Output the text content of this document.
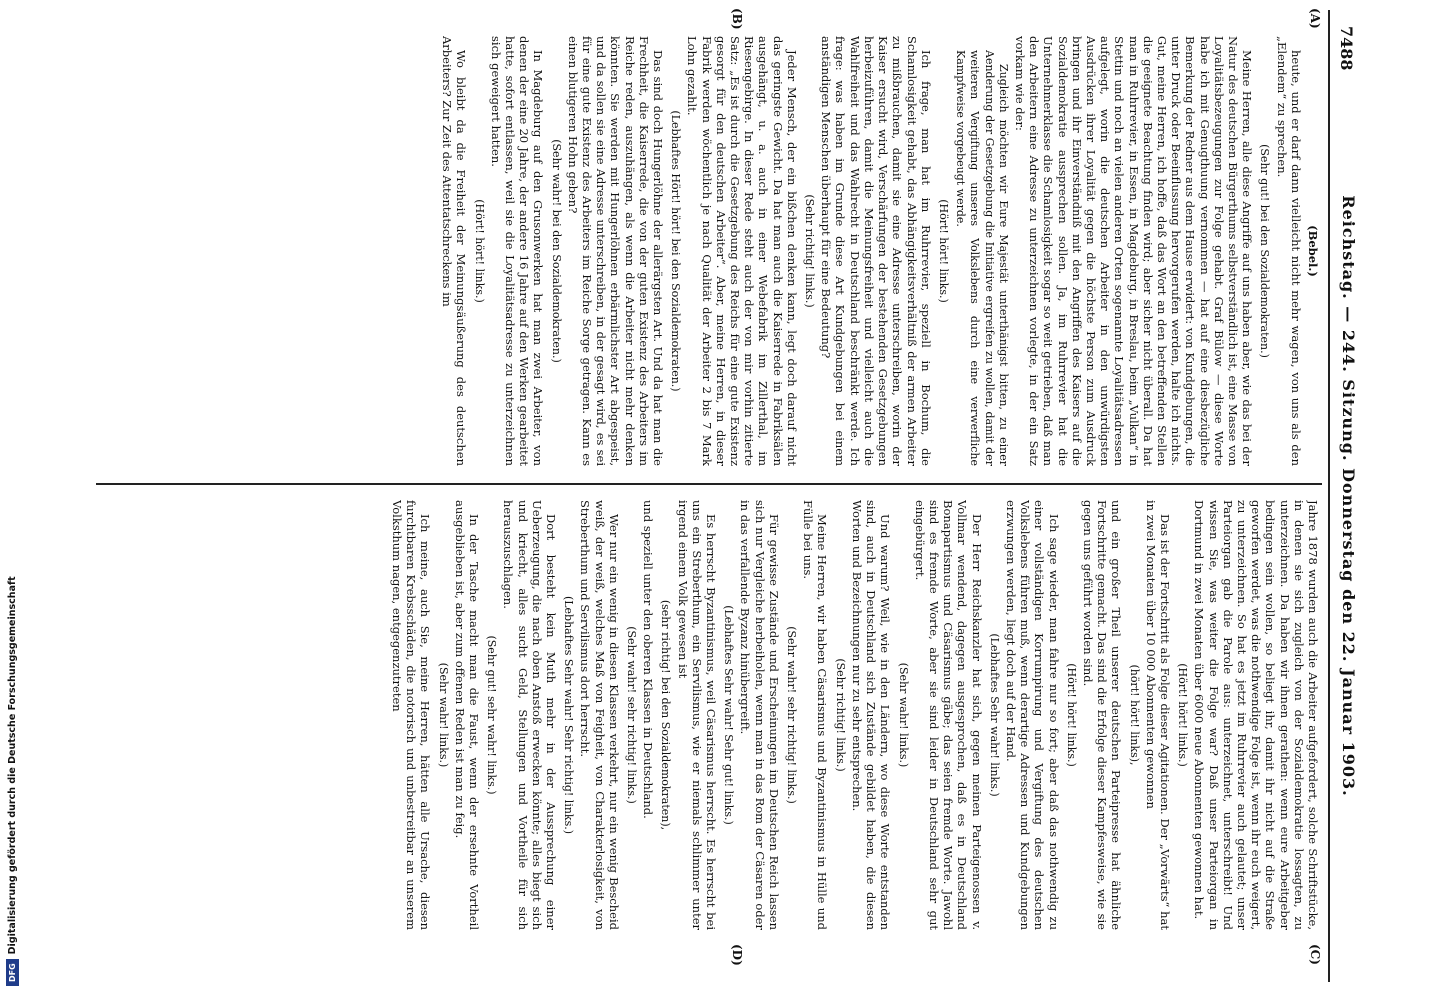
7488
Reichstag. — 244. Sitzung. Donnerstag den 22. Januar 1903.
(A)
(B)
(C)
(D)

(Bebel.)

heute, und er darf dann vielleicht nicht mehr wagen, von uns als den „Elendem“ zu sprechen.

(Sehr gut! bei den Sozialdemokraten.)

Meine Herren, alle diese Angriffe auf uns haben aber, wie das bei der Natur des deutschen Bürgerthums selbstverständlich ist, eine Masse von Loyalitätsbezeugungen zur Folge gehabt. Graf Bülow — diese Worte habe ich mit Genugthuung vernommen — hat auf eine diesbezügliche Bemerkung der Redner aus dem Hause erwidert: von Kundgebungen, die unter Druck oder Beeinflussung hervorgerufen werden, halte ich nichts. Gut, meine Herren, ich hoffe, daß das Wort an den betreffenden Stellen die geeignete Beachtung finden wird; aber sicher nicht überall. Da hat man in Ruhrrevier, in Essen, in Magdeburg, in Breslau, beim „Vulkan“ in Stettin und noch an vielen anderen Orten sogenannte Loyalitätsadressen aufgelegt, worin die deutschen Arbeiter in den unwürdigsten Ausdrücken ihrer Loyalität gegen die höchste Person zum Ausdruck bringen und ihr Einverständniß mit den Angriffen des Kaisers auf die Sozialdemokratie aussprechen sollen. Ja, im Ruhrrevier hat die Unternehmerklasse die Schamlosigkeit sogar so weit getrieben, daß man den Arbeitern eine Adresse zu unterzeichnen vorlegte, in der ein Satz vorkam wie der:

Zugleich möchten wir Eure Majestät unterthänigst bitten, zu einer Aenderung der Gesetzgebung die Initiative ergreifen zu wollen, damit der weiteren Vergiftung unseres Volkslebens durch eine verwerfliche Kampfweise vorgebeugt werde.

(Hört! hört! links.)

Ich frage, man hat im Ruhrrevier, speziell in Bochum, die Schamlosigkeit gehabt, das Abhängigkeitsverhältniß der armen Arbeiter zu mißbrauchen, damit sie eine Adresse unterschreiben, worin der Kaiser ersucht wird, Verschärfungen der bestehenden Gesetzgebungen herbeizuführen, damit die Meinungsfreiheit und vielleicht auch die Wahlfreiheit und das Wahlrecht in Deutschland beschränkt werde. Ich frage: was haben im Grunde diese Art Kundgebungen bei einem anständigen Menschen überhaupt für eine Bedeutung?

(Sehr richtig! links.)

Jeder Mensch, der ein bißchen denken kann, legt doch darauf nicht das geringste Gewicht. Da hat man auch die Kaiserrede in Fabriksälen ausgehängt, u. a. auch in einer Webefabrik im Zillerthal, im Riesengebirge. In dieser Rede steht auch der von mir vorhin zitierte Satz: „Es ist durch die Gesetzgebung des Reichs für eine gute Existenz gesorgt für den deutschen Arbeiter“. Aber, meine Herren, in dieser Fabrik werden wöchentlich je nach Qualität der Arbeiter 2 bis 7 Mark Lohn gezahlt.

(Lebhaftes Hört! hört! bei den Sozialdemokraten.)

Das sind doch Hungerlöhne der allerärgsten Art. Und da hat man die Frechheit, die Kaiserrede, die von der guten Existenz des Arbeiters im Reiche reden, auszuhängen, als wenn die Arbeiter nicht mehr denken könnten. Sie werden mit Hungerlöhnen erbärmlichster Art abgespeist, und da sollen sie eine Adresse unterschreiben, in der gesagt wird, es sei für eine gute Existenz des Arbeiters im Reiche Sorge getragen. Kann es einen blutigeren Hohn geben?

(Sehr wahr! bei den Sozialdemokraten.)

In Magdeburg auf den Grusonwerken hat man zwei Arbeiter, von denen der eine 20 Jahre, der andere 16 Jahre auf den Werken gearbeitet hatte, sofort entlassen, weil sie die Loyalitätsadresse zu unterzeichnen sich geweigert hatten.

(Hört! hört! links.)

Wo bleibt da die Freiheit der Meinungsäußerung des deutschen Arbeiters? Zur Zeit des Attentatschreckens im

Jahre 1878 wurden auch die Arbeiter aufgefordert, solche Schriftstücke, in denen sie sich zugleich von der Sozialdemokratie lossagten, zu unterzeichnen. Da haben wir ihnen gerathen: wenn eure Arbeitgeber bedingen sein wollen, so beliegt ihr, damit ihr nicht auf die Straße geworfen werdet, was die nothwendige Folge ist, wenn ihr euch weigert, zu unterzeichnen. So hat es jetzt im Ruhrrevier auch gelautet; unser Parteiorgan gab die Parole aus: unterzeichnet, unterschreibt! Und wissen Sie, was weiter die Folge war? Daß unser Parteiorgan in Dortmund in zwei Monaten über 6000 neue Abonnenten gewonnen hat.

(Hört! hört! links.)

Das ist der Fortschritt als Folge dieser Agitationen. Der „Vorwärts“ hat in zwei Monaten über 10 000 Abonnenten gewonnen

(hört! hört! links),

und ein großer Theil unserer deutschen Parteipresse hat ähnliche Fortschritte gemacht. Das sind die Erfolge dieser Kampfesweise, wie sie gegen uns geführt worden sind.

(Hört! hört! links.)

Ich sage wieder, man fahre nur so fort; aber daß das nothwendig zu einer vollständigen Korrumpirung und Vergiftung des deutschen Volkslebens führen muß, wenn derartige Adressen und Kundgebungen erzwungen werden, liegt doch auf der Hand.

(Lebhaftes Sehr wahr! links.)

Der Herr Reichskanzler hat sich, gegen meinen Parteigenossen v. Vollmar wendend, dagegen ausgesprochen, daß es in Deutschland Bonapartismus und Cäsarismus gäbe; das seien fremde Worte. Jawohl sind es fremde Worte, aber sie sind leider in Deutschland sehr gut eingebürgert.

(Sehr wahr! links.)

Und warum? Weil, wie in den Ländern, wo diese Worte entstanden sind, auch in Deutschland sich Zustände gebildet haben, die diesen Worten und Bezeichnungen nur zu sehr entsprechen.

(Sehr richtig! links.)

Meine Herren, wir haben Cäsarismus und Byzantinismus in Hülle und Fülle bei uns.

(Sehr wahr! sehr richtig! links.)

Für gewisse Zustände und Erscheinungen im Deutschen Reich lassen sich nur Vergleiche herbeiholen, wenn man in das Rom der Cäsaren oder in das verfallende Byzanz hinübergreift.

(Lebhaftes Sehr wahr! Sehr gut! links.)

Es herrscht Byzantinismus, weil Cäsarismus herrscht. Es herrscht bei uns ein Streberthum, ein Servilismus, wie er niemals schlimmer unter irgend einem Volk gewesen ist

(sehr richtig! bei den Sozialdemokraten),

und speziell unter den oberen Klassen in Deutschland.

(Sehr wahr! sehr richtig! links.)

Wer nur ein wenig in diesen Klassen verkehrt, nur ein wenig Bescheid weiß, der weiß, welches Maß von Feigheit, von Charakterlosigkeit, von Streberthum und Servilismus dort herrscht.

(Lebhaftes Sehr wahr! Sehr richtig! links.)

Dort besteht kein Muth mehr in der Aussprechung einer Ueberzeugung, die nach oben Anstoß erwecken könnte; alles biegt sich und kriecht, alles sucht Geld, Stellungen und Vortheile für sich herauszuschlagen.

(Sehr gut! sehr wahr! links.)

In der Tasche macht man die Faust, wenn der ersehnte Vortheil ausgeblieben ist, aber zum offenen Reden ist man zu feig.

(Sehr wahr! links.)

Ich meine, auch Sie, meine Herren, hätten alle Ursache, diesen furchtbaren Krebsschäden, die notorisch und unbestreitbar an unserem Volksthum nagen, entgegenzutreten

DFG
Digitalisierung gefördert durch die Deutsche Forschungsgemeinschaft
